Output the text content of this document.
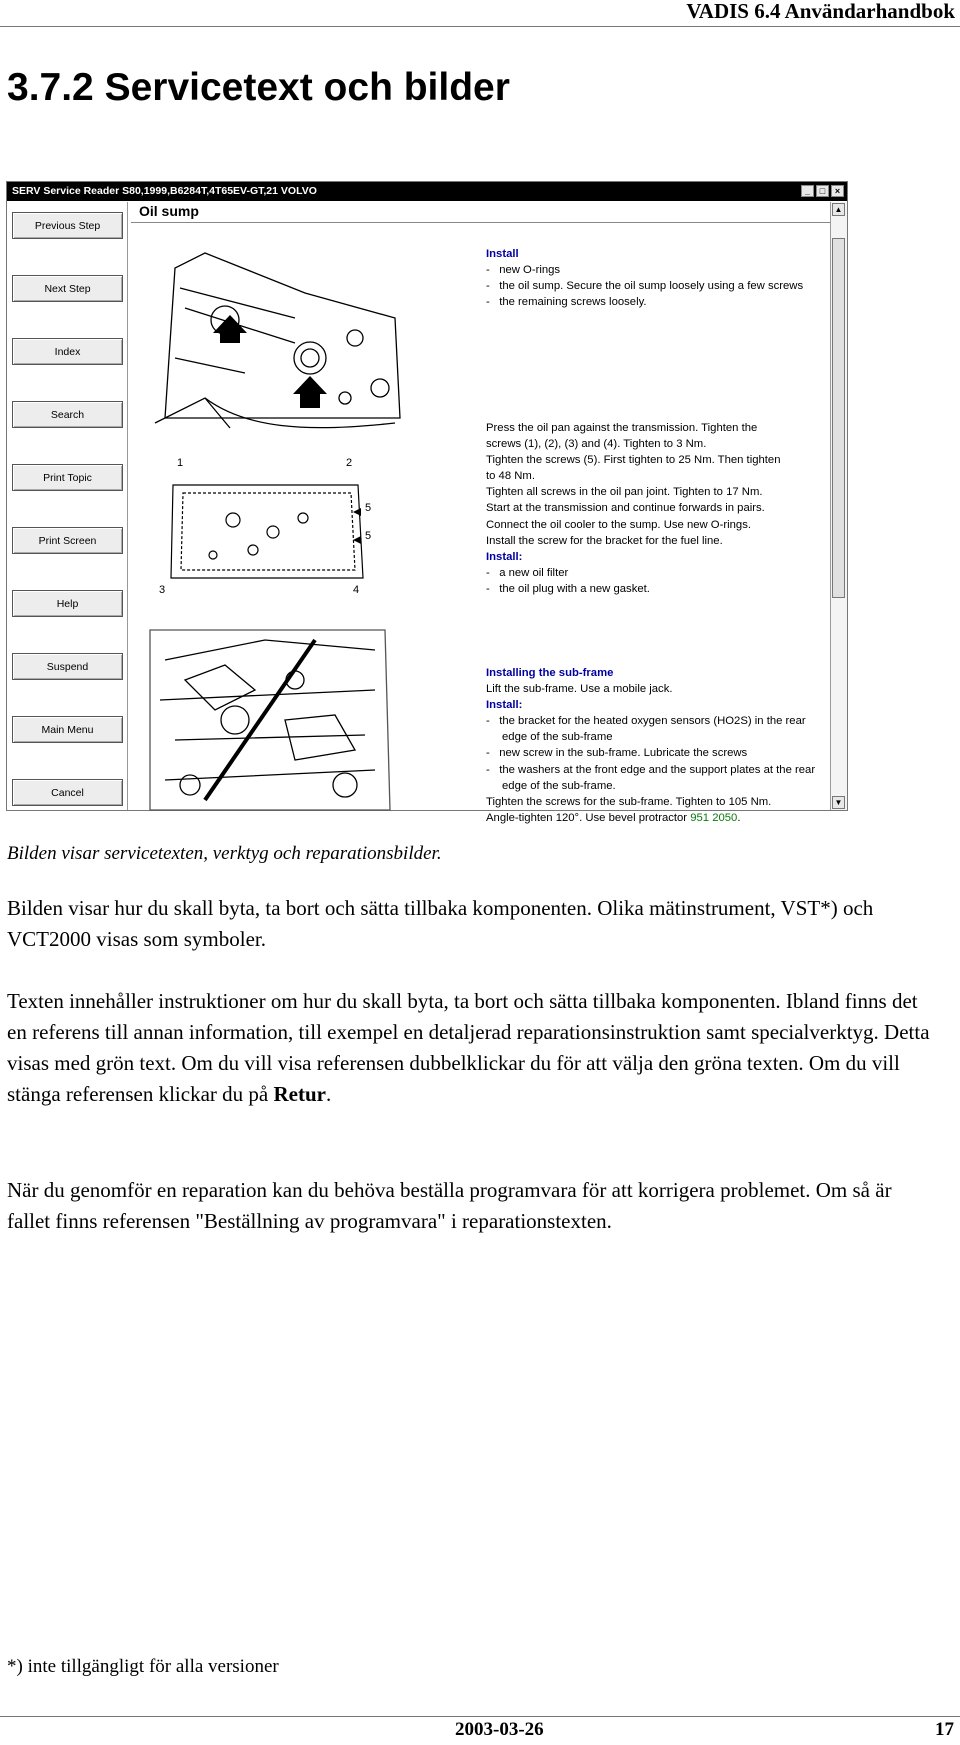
VADIS 6.4 Användarhandbok
3.7.2 Servicetext och bilder
SERV Service Reader S80,1999,B6284T,4T65EV-GT,21 VOLVO	_	□	×
Previous Step
Next Step
Index
Search
Print Topic
Print Screen
Help
Suspend
Main Menu
Cancel
Oil sump
1	2
3	4
5
5
Install
-   new O-rings
-   the oil sump. Secure the oil sump loosely using a few screws
-   the remaining screws loosely.
Press the oil pan against the transmission. Tighten the
screws (1), (2), (3) and (4). Tighten to 3 Nm.
Tighten the screws (5). First tighten to 25 Nm. Then tighten
to 48 Nm.
Tighten all screws in the oil pan joint. Tighten to 17 Nm.
Start at the transmission and continue forwards in pairs.
Connect the oil cooler to the sump. Use new O-rings.
Install the screw for the bracket for the fuel line.
Install:
-   a new oil filter
-   the oil plug with a new gasket.
Installing the sub-frame
Lift the sub-frame. Use a mobile jack.
Install:
-   the bracket for the heated oxygen sensors (HO2S) in the rear edge of the sub-frame
-   new screw in the sub-frame. Lubricate the screws
-   the washers at the front edge and the support plates at the rear edge of the sub-frame.
Tighten the screws for the sub-frame. Tighten to 105 Nm.
Angle-tighten 120°. Use bevel protractor 951 2050.
▲
▼
Bilden visar servicetexten, verktyg och reparationsbilder.

Bilden visar hur du skall byta, ta bort och sätta tillbaka komponenten. Olika mätinstrument, VST*) och VCT2000 visas som symboler.

Texten innehåller instruktioner om hur du skall byta, ta bort och sätta tillbaka komponenten. Ibland finns det en referens till annan information, till exempel en detaljerad reparationsinstruktion samt specialverktyg. Detta visas med grön text. Om du vill visa referensen dubbelklickar du för att välja den gröna texten. Om du vill stänga referensen klickar du på Retur.

När du genomför en reparation kan du behöva beställa programvara för att korrigera problemet. Om så är fallet finns referensen "Beställning av programvara" i reparationstexten.

*) inte tillgängligt för alla versioner
2003-03-26	17
